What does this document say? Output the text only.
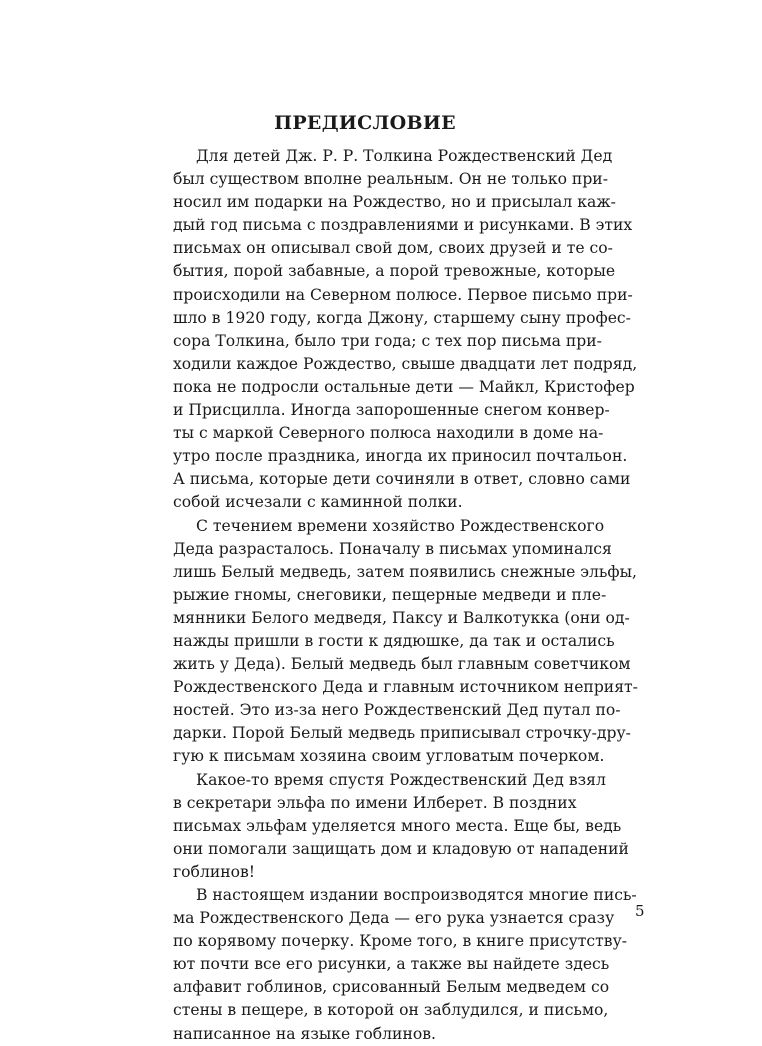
ПРЕДИСЛОВИЕ

Для детей Дж. Р. Р. Толкина Рождественский Дед
был существом вполне реальным. Он не только при-
носил им подарки на Рождество, но и присылал каж-
дый год письма с поздравлениями и рисунками. В этих
письмах он описывал свой дом, своих друзей и те со-
бытия, порой забавные, а порой тревожные, которые
происходили на Северном полюсе. Первое письмо при-
шло в 1920 году, когда Джону, старшему сыну профес-
сора Толкина, было три года; с тех пор письма при-
ходили каждое Рождество, свыше двадцати лет подряд,
пока не подросли остальные дети — Майкл, Кристофер
и Присцилла. Иногда запорошенные снегом конвер-
ты с маркой Северного полюса находили в доме на-
утро после праздника, иногда их приносил почтальон.
А письма, которые дети сочиняли в ответ, словно сами
собой исчезали с каминной полки.

С течением времени хозяйство Рождественского
Деда разрасталось. Поначалу в письмах упоминался
лишь Белый медведь, затем появились снежные эльфы,
рыжие гномы, снеговики, пещерные медведи и пле-
мянники Белого медведя, Паксу и Валкотукка (они од-
нажды пришли в гости к дядюшке, да так и остались
жить у Деда). Белый медведь был главным советчиком
Рождественского Деда и главным источником неприят-
ностей. Это из-за него Рождественский Дед путал по-
дарки. Порой Белый медведь приписывал строчку-дру-
гую к письмам хозяина своим угловатым почерком.

Какое-то время спустя Рождественский Дед взял
в секретари эльфа по имени Илберет. В поздних
письмах эльфам уделяется много места. Еще бы, ведь
они помогали защищать дом и кладовую от нападений
гоблинов!

В настоящем издании воспроизводятся многие пись-
ма Рождественского Деда — его рука узнается сразу
по корявому почерку. Кроме того, в книге присутству-
ют почти все его рисунки, а также вы найдете здесь
алфавит гоблинов, срисованный Белым медведем со
стены в пещере, в которой он заблудился, и письмо,
написанное на языке гоблинов.

5
